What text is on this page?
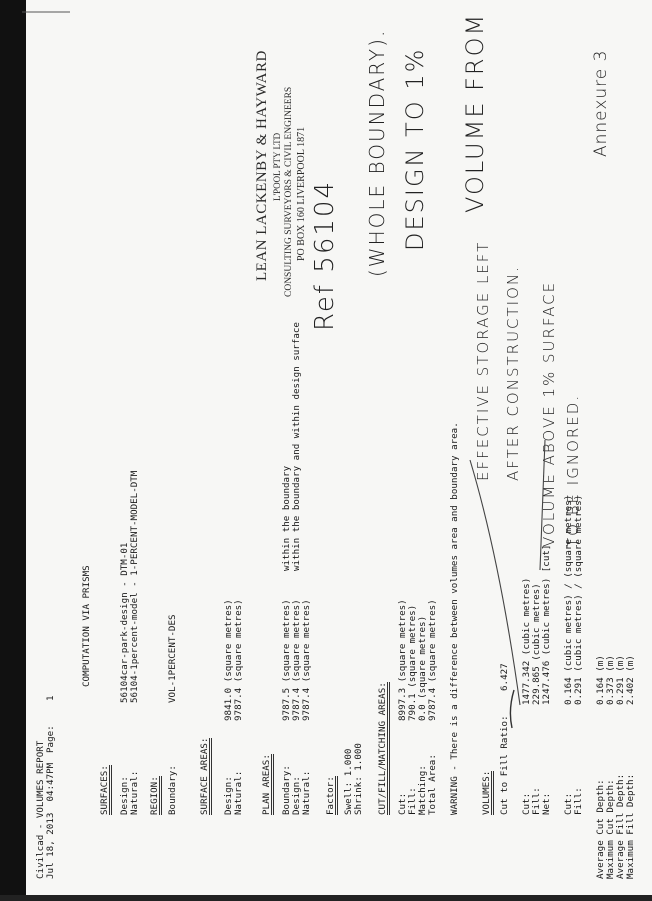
Civilcad - VOLUMES REPORT Jul 18, 2013  04:47PM
Page:
1
COMPUTATION VIA PRISMS
SURFACES: Design:
56104car-park-design - DTM-01
Natural:
56104-1percent-model - 1-PERCENT-MODEL-DTM
REGION: Boundary:
VOL-1PERCENT-DES
SURFACE AREAS: Design:
9841.0 (square metres)
Natural:
9787.4 (square metres)
PLAN AREAS: Boundary:
9787.5 (square metres)
within the boundary
Design:
9787.4 (square metres)
within the boundary and within design surface
Natural:
9787.4 (square metres)
Factor: Swell: 1.000 Shrink: 1.000 CUT/FILL/MATCHING AREAS: Cut:
8997.3 (square metres)
Fill:
790.1 (square metres)
Matching:
0.0 (square metres)
Total Area:
9787.4 (square metres) WARNING - There is a difference between volumes area and boundary area. VOLUMES: Cut to Fill Ratio:
6.427
Cut:
1477.342 (cubic metres)
Fill:
229.865 (cubic metres)
Net:
1247.476 (cubic metres) [cut]
Cut:
0.164 (cubic metres) / (square metres)
Fill:
0.291 (cubic metres) / (square metres)
Average Cut Depth:
0.164 (m)
Maximum Cut Depth:
0.373 (m)
Average Fill Depth:
0.291 (m)
Maximum Fill Depth:
2.402 (m)
LEAN LACKENBY & HAYWARD L'POOL PTY LTD CONSULTING SURVEYORS & CIVIL ENGINEERS PO BOX 160 LIVERPOOL 1871
Annexure 3
VOLUME FROM
DESIGN TO 1%
(WHOLE BOUNDARY).
Ref 56104	EFFECTIVE STORAGE LEFT AFTER CONSTRUCTION. VOLUME ABOVE 1% SURFACE TO BE IGNORED.
